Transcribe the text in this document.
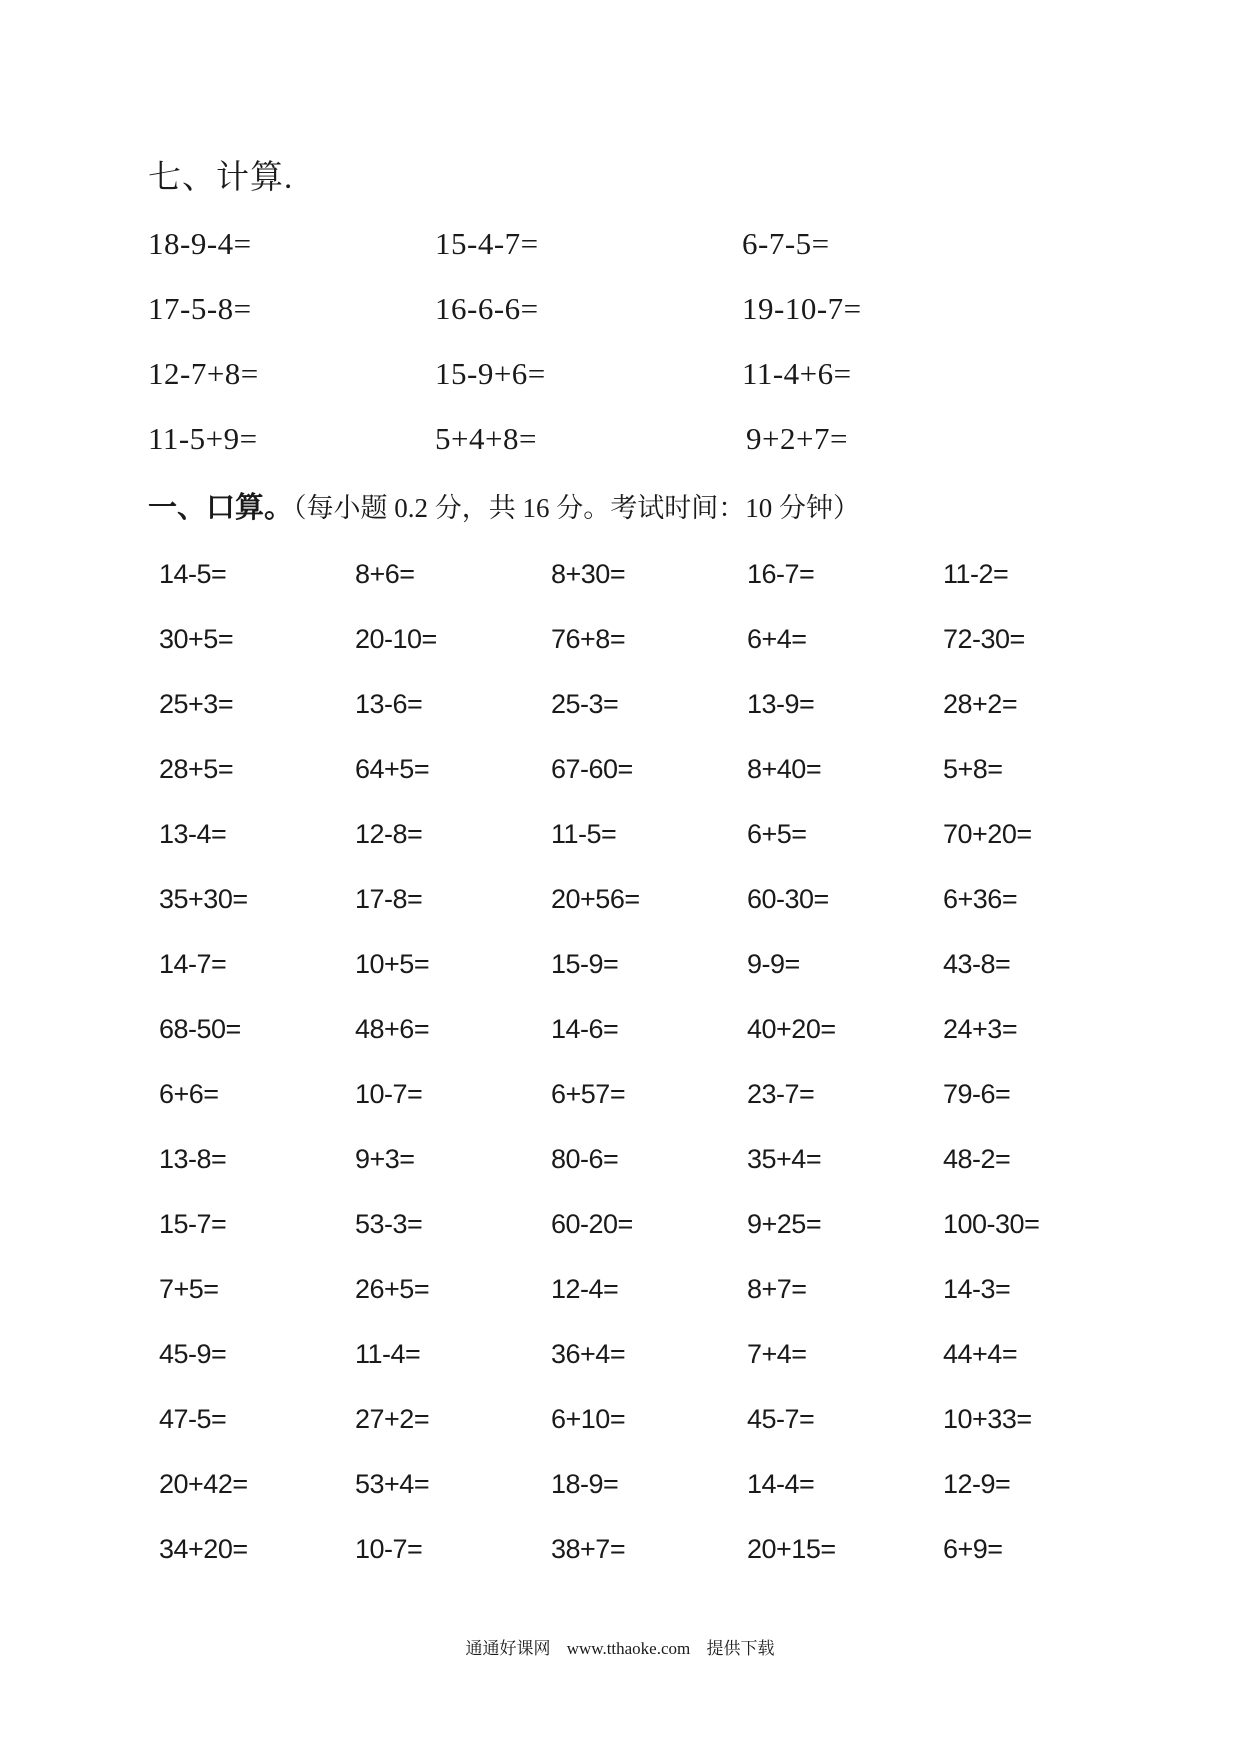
七、计算.
18-9-4=	15-4-7=	6-7-5=
17-5-8=	16-6-6=	19-10-7=
12-7+8=	15-9+6=	11-4+6=
11-5+9=	5+4+8=	9+2+7=
一、口算。（每小题 0.2 分，共 16 分。考试时间：10 分钟）
14-5=	8+6=	8+30=	16-7=	11-2=
30+5=	20-10=	76+8=	6+4=	72-30=
25+3=	13-6=	25-3=	13-9=	28+2=
28+5=	64+5=	67-60=	8+40=	5+8=
13-4=	12-8=	11-5=	6+5=	70+20=
35+30=	17-8=	20+56=	60-30=	6+36=
14-7=	10+5=	15-9=	9-9=	43-8=
68-50=	48+6=	14-6=	40+20=	24+3=
6+6=	10-7=	6+57=	23-7=	79-6=
13-8=	9+3=	80-6=	35+4=	48-2=
15-7=	53-3=	60-20=	9+25=	100-30=
7+5=	26+5=	12-4=	8+7=	14-3=
45-9=	11-4=	36+4=	7+4=	44+4=
47-5=	27+2=	6+10=	45-7=	10+33=
20+42=	53+4=	18-9=	14-4=	12-9=
34+20=	10-7=	38+7=	20+15=	6+9=
通通好课网 www.tthaoke.com 提供下载
